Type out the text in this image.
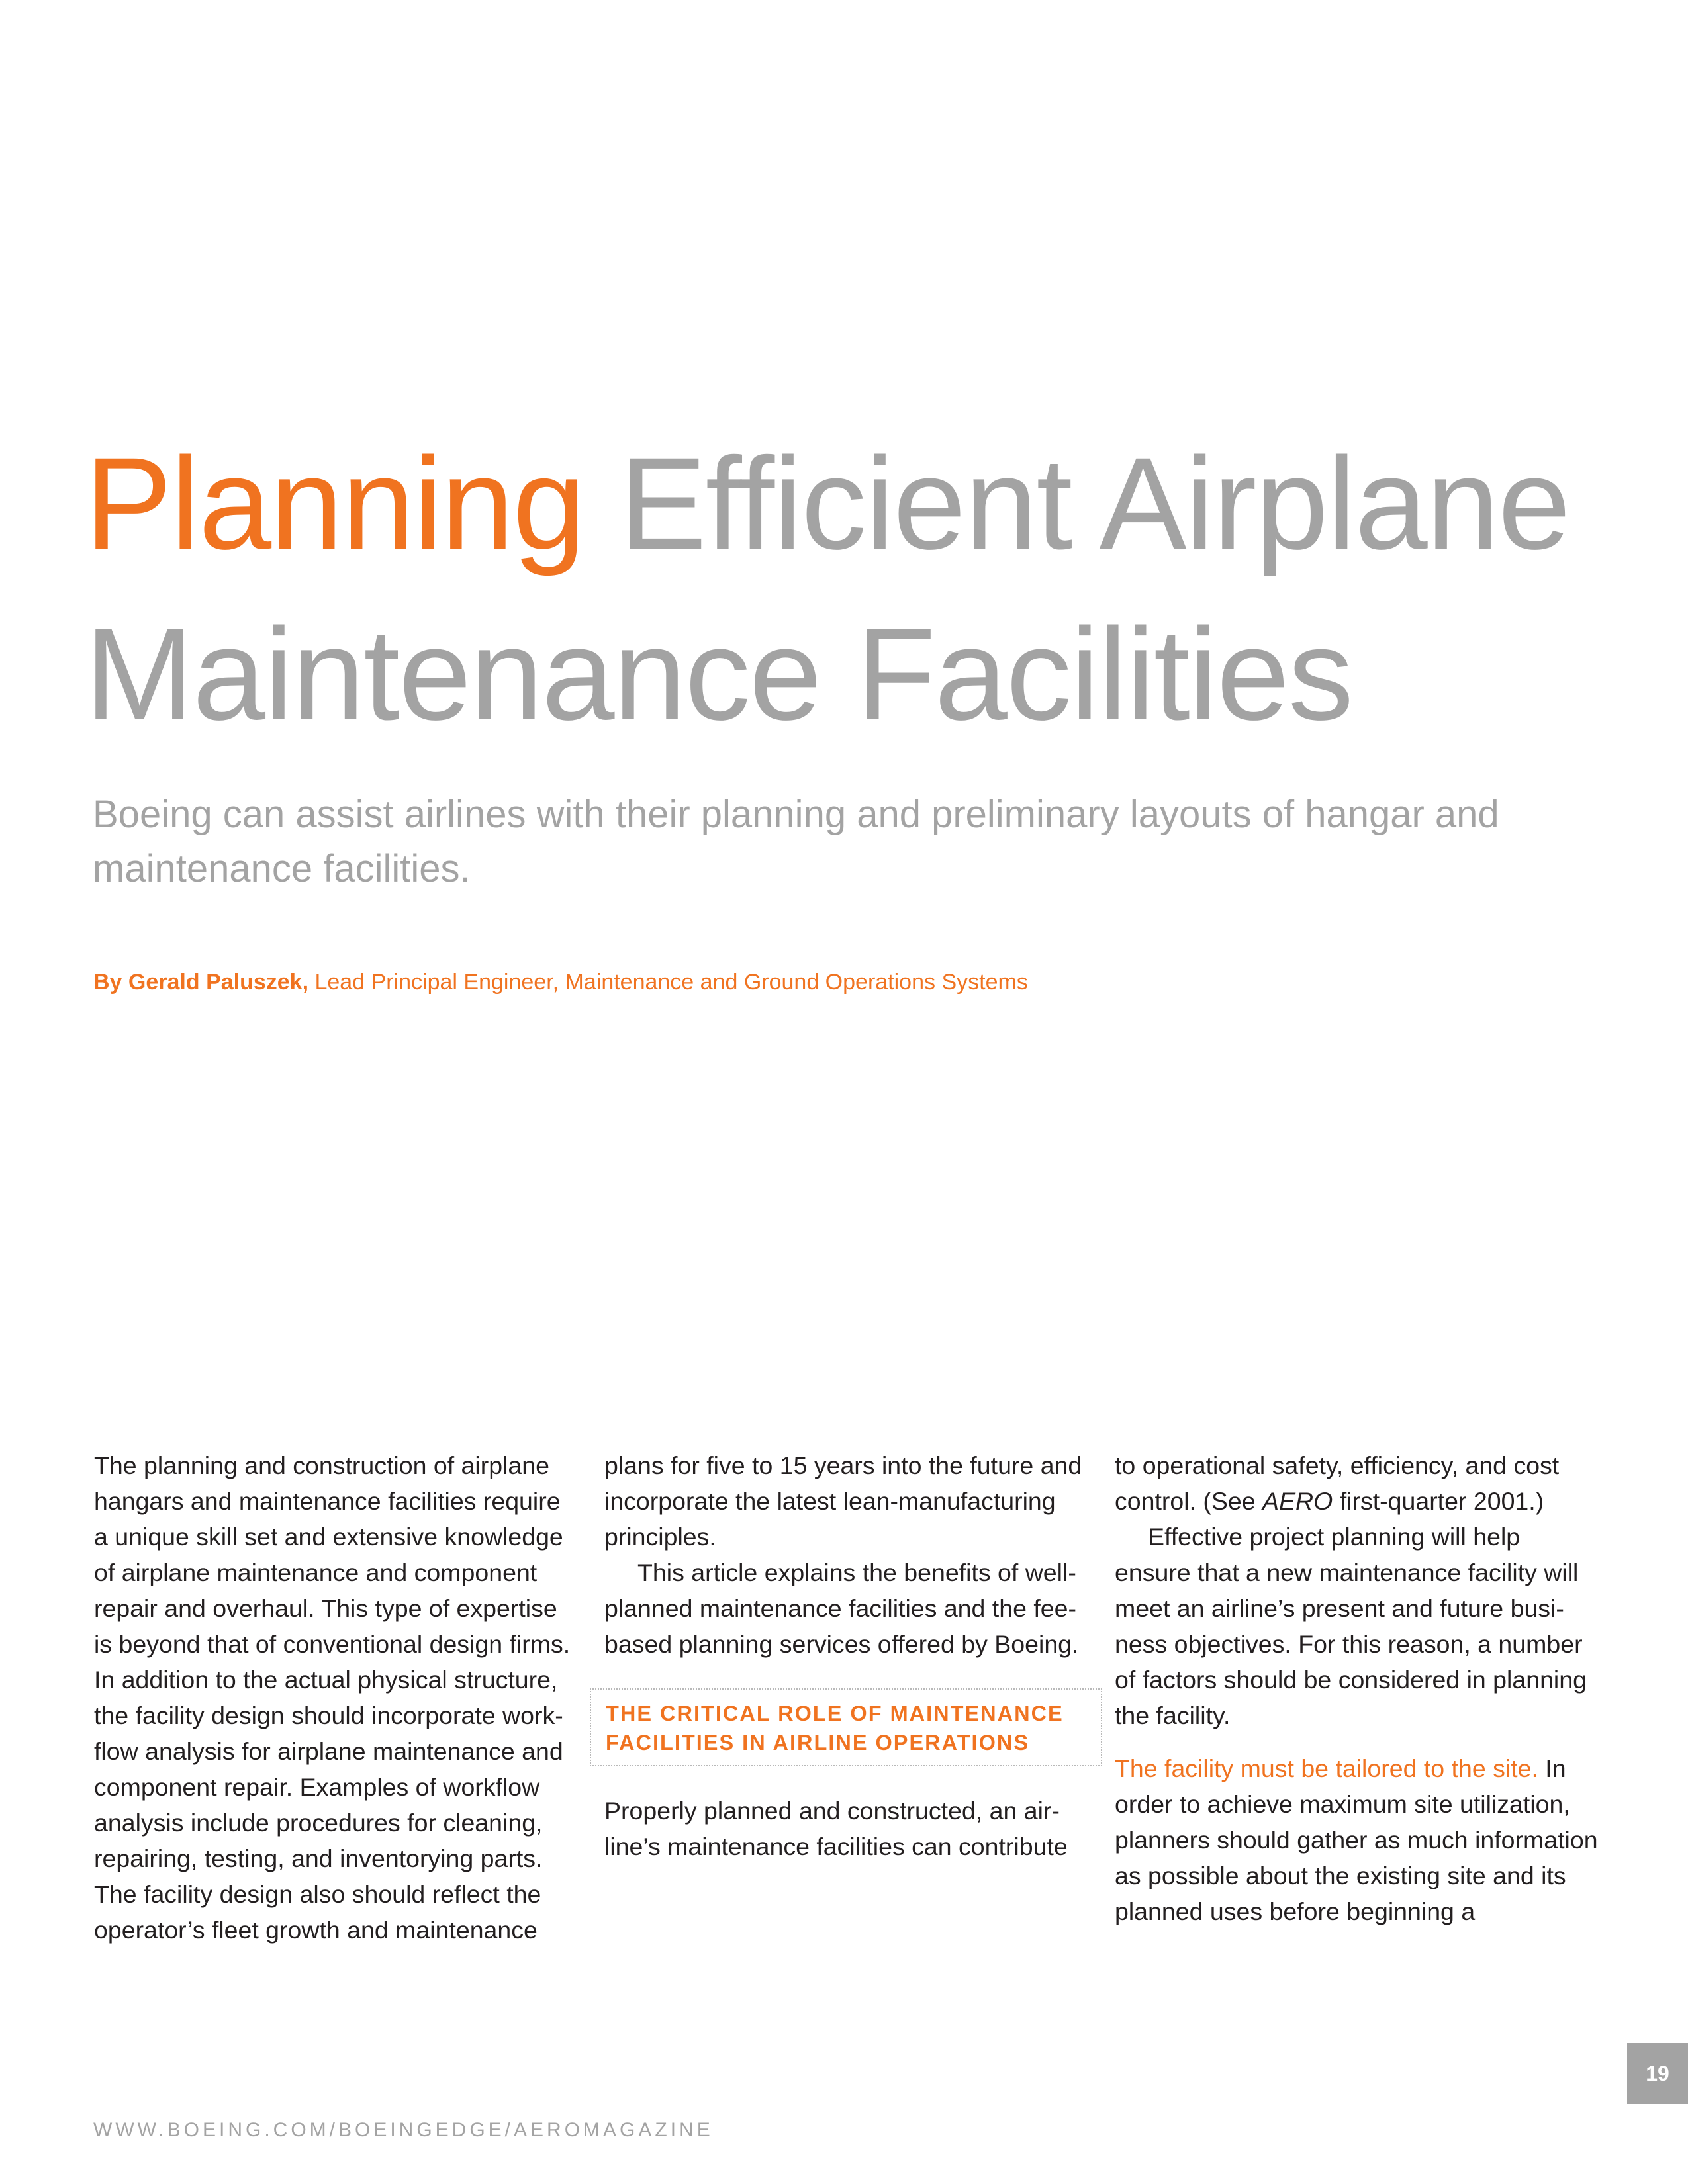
Planning Efficient Airplane
Maintenance Facilities

Boeing can assist airlines with their planning and preliminary layouts of hangar and maintenance facilities.

By Gerald Paluszek, Lead Principal Engineer, Maintenance and Ground Operations Systems

The planning and construction of airplane hangars and maintenance facilities require a unique skill set and extensive knowledge of airplane maintenance and component repair and overhaul. This type of expertise is beyond that of conventional design firms. In addition to the actual physical structure, the facility design should incorporate workflow analysis for airplane maintenance and component repair. Examples of workflow analysis include procedures for cleaning, repairing, testing, and inventorying parts. The facility design also should reflect the operator’s fleet growth and maintenance

plans for five to 15 years into the future and incorporate the latest lean-manufacturing principles.

This article explains the benefits of well-planned maintenance facilities and the fee-based planning services offered by Boeing.

THE CRITICAL ROLE OF MAINTENANCE FACILITIES IN AIRLINE OPERATIONS

Properly planned and constructed, an airline’s maintenance facilities can contribute

to operational safety, efficiency, and cost control. (See AERO first-quarter 2001.)

Effective project planning will help ensure that a new maintenance facility will meet an airline’s present and future business objectives. For this reason, a number of factors should be considered in planning the facility.

The facility must be tailored to the site. In order to achieve maximum site utilization, planners should gather as much information as possible about the existing site and its planned uses before beginning a

WWW.BOEING.COM/BOEINGEDGE/AEROMAGAZINE
19
